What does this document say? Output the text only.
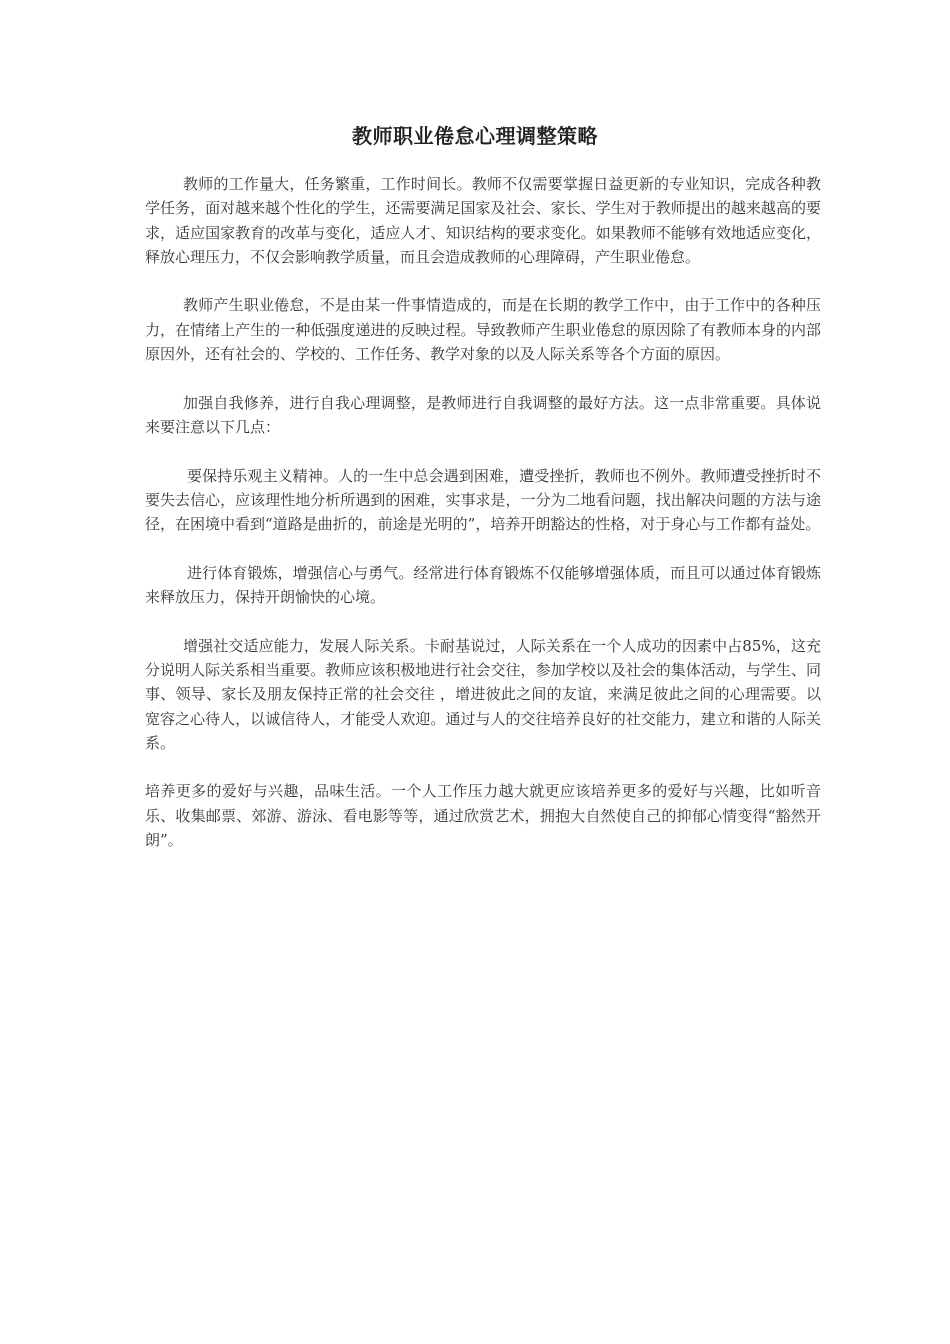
教师职业倦怠心理调整策略

教师的工作量大，任务繁重，工作时间长。教师不仅需要掌握日益更新的专业知识，完成各种教学任务，面对越来越个性化的学生，还需要满足国家及社会、家长、学生对于教师提出的越来越高的要求，适应国家教育的改革与变化，适应人才、知识结构的要求变化。如果教师不能够有效地适应变化，释放心理压力，不仅会影响教学质量，而且会造成教师的心理障碍，产生职业倦怠。

教师产生职业倦怠，不是由某一件事情造成的，而是在长期的教学工作中，由于工作中的各种压力，在情绪上产生的一种低强度递进的反映过程。导致教师产生职业倦怠的原因除了有教师本身的内部原因外，还有社会的、学校的、工作任务、教学对象的以及人际关系等各个方面的原因。

加强自我修养，进行自我心理调整，是教师进行自我调整的最好方法。这一点非常重要。具体说来要注意以下几点：

要保持乐观主义精神。人的一生中总会遇到困难，遭受挫折，教师也不例外。教师遭受挫折时不要失去信心，应该理性地分析所遇到的困难，实事求是，一分为二地看问题，找出解决问题的方法与途径，在困境中看到“道路是曲折的，前途是光明的”，培养开朗豁达的性格，对于身心与工作都有益处。

进行体育锻炼，增强信心与勇气。经常进行体育锻炼不仅能够增强体质，而且可以通过体育锻炼来释放压力，保持开朗愉快的心境。

增强社交适应能力，发展人际关系。卡耐基说过，人际关系在一个人成功的因素中占85%，这充分说明人际关系相当重要。教师应该积极地进行社会交往，参加学校以及社会的集体活动，与学生、同事、领导、家长及朋友保持正常的社会交往 ，增进彼此之间的友谊，来满足彼此之间的心理需要。以宽容之心待人，以诚信待人，才能受人欢迎。通过与人的交往培养良好的社交能力，建立和谐的人际关系。

培养更多的爱好与兴趣，品味生活。一个人工作压力越大就更应该培养更多的爱好与兴趣，比如听音乐、收集邮票、郊游、游泳、看电影等等，通过欣赏艺术，拥抱大自然使自己的抑郁心情变得“豁然开朗”。
